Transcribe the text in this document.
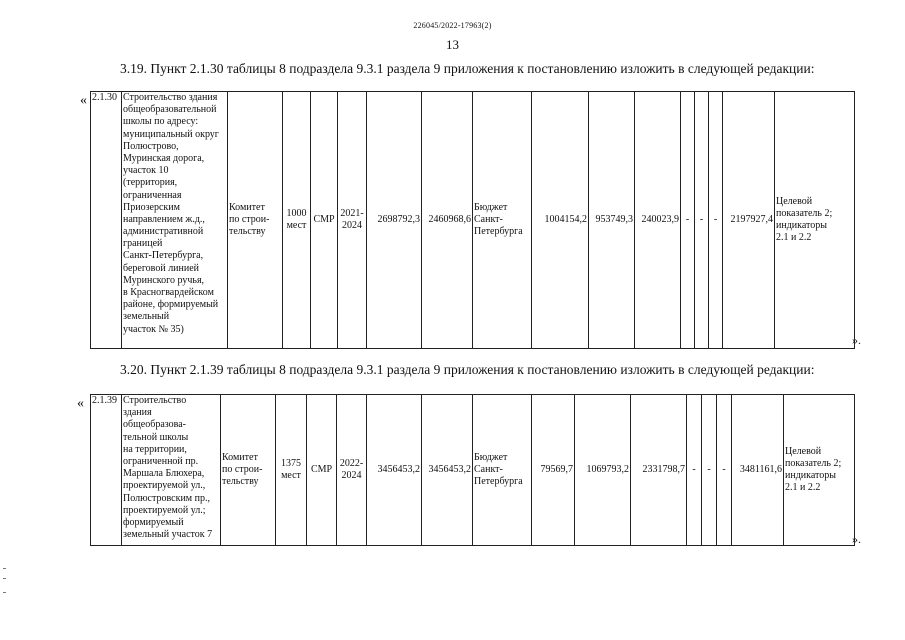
226045/2022-17963(2)
13
3.19. Пункт 2.1.30 таблицы 8 подраздела 9.3.1 раздела 9 приложения к постановлению изложить в следующей редакции:
« 2.1.30	Строительство здания
общеобразовательной
школы по адресу:
муниципальный округ
Полюстрово,
Муринская дорога,
участок 10
(территория,
ограниченная
Приозерским
направлением ж.д.,
административной
границей
Санкт-Петербурга,
береговой линией
Муринского ручья,
в Красногвардейском
районе, формируемый
земельный
участок № 35)	Комитет
по строи-
тельству	1000
мест	СМР	2021-
2024	2698792,3	2460968,6	Бюджет
Санкт-
Петербурга	1004154,2	953749,3	240023,9	-	-	-	2197927,4	Целевой
показатель 2;
индикаторы
2.1 и 2.2
».
3.20. Пункт 2.1.39 таблицы 8 подраздела 9.3.1 раздела 9 приложения к постановлению изложить в следующей редакции:
« 2.1.39	Строительство
здания
общеобразова-
тельной школы
на территории,
ограниченной пр.
Маршала Блюхера,
проектируемой ул.,
Полюстровским пр.,
проектируемой ул.;
формируемый
земельный участок 7	Комитет
по строи-
тельству	1375
мест	СМР	2022-
2024	3456453,2	3456453,2	Бюджет
Санкт-
Петербурга	79569,7	1069793,2	2331798,7	-	-	-	3481161,6	Целевой
показатель 2;
индикаторы
2.1 и 2.2
».
